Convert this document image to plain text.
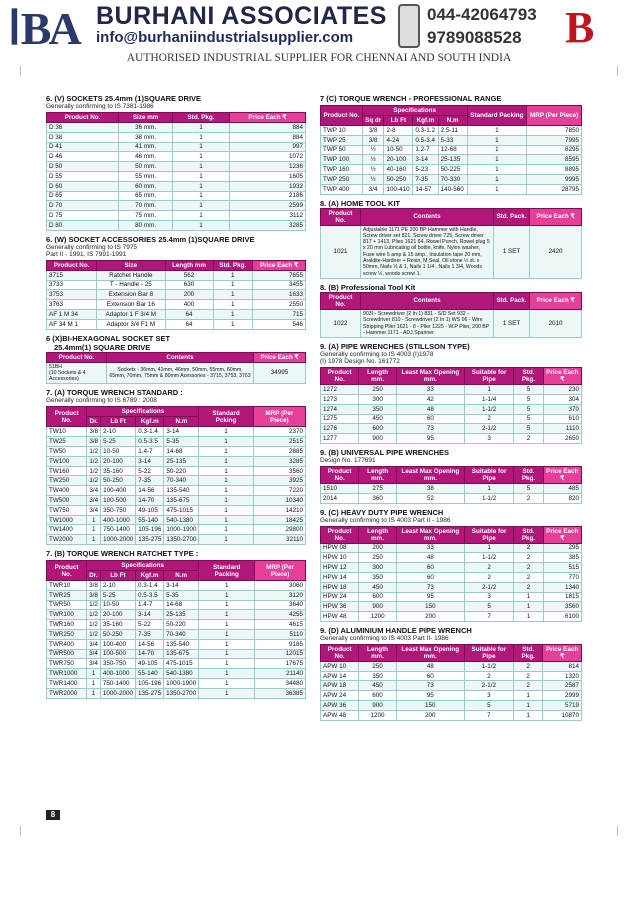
اBA BURHANI ASSOCIATES
info@burhaniindustrialsupplier.com
044-42064793
9789088528 B
AUTHORISED INDUSTRIAL SUPPLIER FOR CHENNAI AND SOUTH INDIA
6. (V) SOCKETS 25.4mm (1)SQUARE DRIVE
Generally confirming to IS 7381-1986
Product No.	Size mm	Std. Pkg.	Price Each ₹
D 36	36 mm.	1	884
D 38	38 mm.	1	884
D 41	41 mm.	1	997
D 46	46 mm.	1	1072
D 50	50 mm.	1	1236
D 55	55 mm.	1	1605
D 60	60 mm.	1	1932
D 65	65 mm.	1	2186
D 70	70 mm.	1	2599
D 75	75 mm.	1	3112
D 80	80 mm.	1	3285
6. (W) SOCKET ACCESSORIES 25.4mm (1)SQUARE DRIVE
Generally confirming to IS 7975
Part II - 1991, IS 7991-1991
Product No.	Size	Length mm	Std. Pkg.	Price Each ₹
3715	Ratchet Handle	562	1	7655
3733	T - Handle - 25	630	1	3455
3753	Extension Bar 8	200	1	1633
3763	Extension Bar 16	400	1	2550
AF 1 M 34	Adaptor 1 F 3/4 M	64	1	715
AF 34 M 1	Adaptor 3/4 F1 M	64	1	546
6 (X)BI-HEXAGONAL SOCKET SET
25.4mm(1) SQUARE DRIVE
Product No.	Contents	Price Each ₹
51BH
(10 Sockets & 4 Accessories)	Sockets - 36mm, 41mm, 46mm, 50mm, 55mm, 60mm, 65mm, 70mm, 75mm & 80mm Acessories - 3715, 3753, 3763	34995
7. (A) TORQUE WRENCH STANDARD :
Generally confirming to IS 6789 : 2008
Product No.	Specifications				Standard Pcking	MRP (Per Piece)
	Dr.	Lb Ft	Kgf.m	N.m		
TW10	3/8	2-10	0.3-1.4	3-14	1	2370
TW25	3/8	5-25	0.5-3.5	5-35	1	2515
TW50	1/2	10-50	1.4-7	14-68	1	2885
TW100	1/2	20-100	3-14	25-135	1	3285
TW160	1/2	35-160	5-22	50-220	1	3560
TW250	1/2	50-250	7-35	70-340	1	3925
TW400	3/4	100-400	14-56	135-540	1	7220
TW500	3/4	100-500	14-70	135-675	1	10340
TW750	3/4	350-750	49-105	475-1015	1	14210
TW1000	1	400-1000	55-140	540-1380	1	18425
TW1400	1	750-1400	105-196	1000-1900	1	29800
TW2000	1	1000-2000	135-275	1350-2700	1	32110
7. (B) TORQUE WRENCH RATCHET TYPE :
Product No.	Specifications				Standard Packing	MRP (Per Piece)
	Dr.	Lb Ft	Kgf.m	N.m		
TWR10	3/8	2-10	0.3-1.4	3-14	1	3060
TWR25	3/8	5-25	0.5-3.5	5-35	1	3120
TWR50	1/2	10-50	1.4-7	14-68	1	3640
TWR100	1/2	20-100	3-14	25-135	1	4255
TWR160	1/2	35-160	5-22	50-220	1	4615
TWR250	1/2	50-250	7-35	70-340	1	5110
TWR400	3/4	100-400	14-56	135-540	1	9185
TWR500	3/4	100-500	14-70	135-675	1	12015
TWR750	3/4	350-750	49-105	475-1015	1	17675
TWR1000	1	400-1000	55-140	540-1380	1	21140
TWR1400	1	750-1400	105-196	1000-1900	1	34480
TWR2000	1	1000-2000	135-275	1350-2700	1	36385
7 (C) TORQUE WRENCH - PROFESSIONAL RANGE
Product No.	Specifications				Standard Packing	MRP (Per Piece)
	Sq dr	Lb Ft	Kgf.m	N.m		
TWP 10	3/8	2-8	0.3-1.2	2.5-11	1	7850
TWP 25	3/8	4-24	0.5-3.4	5-33	1	7995
TWP 50	½	10-50	1.2-7	12-68	1	8295
TWP 100	½	20-100	3-14	25-135	1	8595
TWP 160	½	40-160	5-23	50-225	1	8895
TWP 250	½	50-250	7-35	70-330	1	9995
TWP 400	3/4	100-410	14-57	140-560	1	28795
8. (A) HOME TOOL KIT
Product No.	Contents	Std. Pack.	Price Each ₹
1021	Adjustable 1171 PE 200 BP Hammer with Handle, Screw driver set 821, Screw driver 725, Screw driver 817 + 1413, Plies 1621 64, Rowel Punch, Rowel plug 5 x 20 mm Lubricating oil bottle, knife, Nylon washer, Fuse wire 5 amp & 15 amp., Insulation tape 20 mm, Araldite-Hardner + Resin, M Seal, Oil stone ½ st. x 50mm, Nails ½ & 1, Nails 1 1/4 , Nails 1 3/4, Woods screw ½, woods screw 1.	1 SET	2420
8. (B) Professional Tool Kit
Product No.	Contents	Std. Pack.	Price Each ₹
1022	903I - Screwdriver (2 In 1) 831 - S/D Set 932 - Screwdriver 810 - Screwdriver (2 In 1) WS 06 - Wire Stripping Plier 1621 - 8 - Plier 1225 - W.P Plier, 200 BP - Hammer 1171 - ADJ.Spanner	1 SET	2010
9. (A) PIPE WRENCHES (STILLSON TYPE)
Generally confirming to IS 4003 (I)1978
(I) 1978 Design No. 161772
Product No.	Length mm.	Least Max Opening mm.	Suitable for Pipe	Std. Pkg.	Price Each ₹
1272	250	33	1	5	230
1273	300	42	1-1/4	5	304
1274	350	48	1-1/2	5	370
1275	450	60	2	5	610
1276	600	73	2-1/2	5	1110
1277	900	95	3	2	2650
9. (B) UNIVERSAL PIPE WRENCHES
Design No. 177691
Product No.	Length mm.	Least Max Opening mm.	Suitable for Pipe	Std. Pkg.	Price Each ₹
1510	275	38	1	5	485
2014	360	52	1-1/2	2	820
9. (C) HEAVY DUTY PIPE WRENCH
Generally confirming to IS 4003 Part II - 1986
Product No.	Length mm.	Least Max Opening mm.	Suitable for Pipe	Std. Pkg.	Price Each ₹
HPW 08	200	33	1	2	295
HPW 10	250	48	1-1/2	2	385
HPW 12	300	60	2	2	515
HPW 14	350	60	2	2	770
HPW 18	450	73	2-1/2	2	1340
HPW 24	600	95	3	1	1815
HPW 36	900	150	5	1	3560
HPW 48	1200	200	7	1	6100
9. (D) ALUMINIUM HANDLE PIPE WRENCH
Generally confirming to IS 4003 Part II- 1986
Product No.	Length mm.	Least Max Opening mm.	Suitable for Pipe	Std. Pkg.	Price Each ₹
APW 10	250	48	1-1/2	2	814
APW 14	350	60	2	2	1320
APW 18	450	73	2-1/2	2	2587
APW 24	600	95	3	1	2999
APW 36	900	150	5	1	5719
APW 48	1200	200	7	1	10870
8
